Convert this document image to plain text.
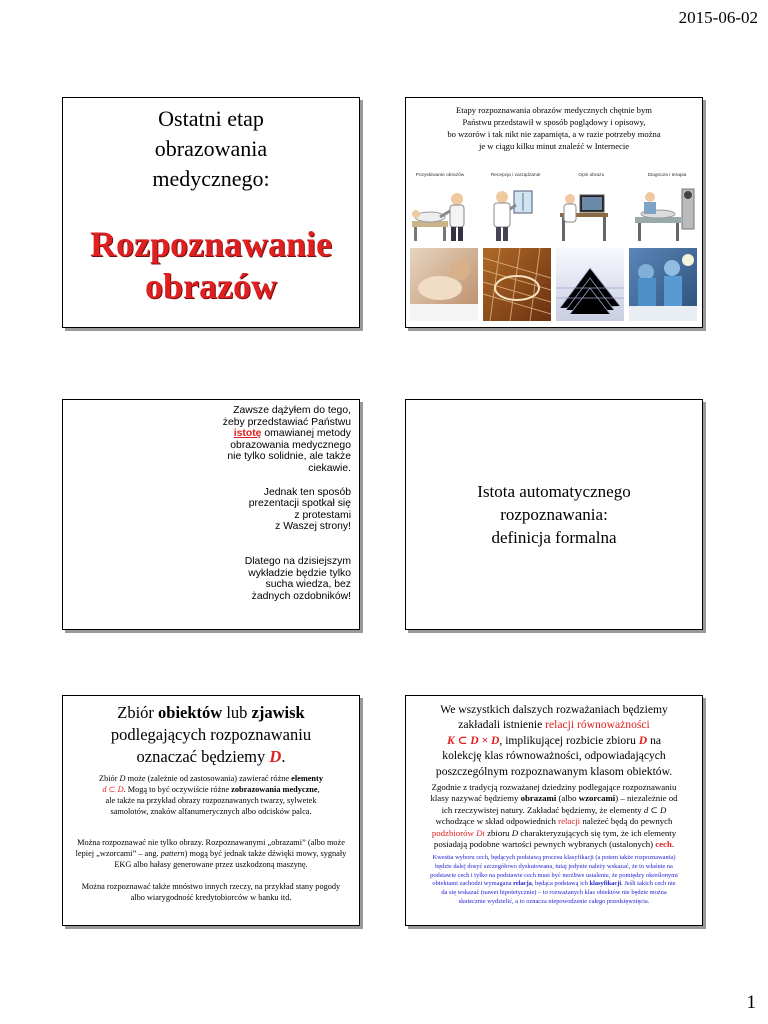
2015-06-02
Ostatni etap
obrazowania
medycznego:
Rozpoznawanie
obrazów
Etapy rozpoznawania obrazów medycznych chętnie bym
Państwu przedstawił w sposób poglądowy i opisowy,
bo wzorów i tak nikt nie zapamięta, a w razie potrzeby można
je w ciągu kilku minut znaleźć w Internecie
Pozyskiwanie obrazów	Recepcja i zarządzanie	Opis obrazu	Diagnoza i terapia

Zawsze dążyłem do tego,
żeby przedstawiać Państwu
istotę omawianej metody
obrazowania medycznego
nie tylko solidnie, ale także
ciekawie.

Jednak ten sposób
prezentacji spotkał się
z protestami
z Waszej strony!

Dlatego na dzisiejszym
wykładzie będzie tylko
sucha wiedza, bez
żadnych ozdobników!

Istota automatycznego
rozpoznawania:
definicja formalna
Zbiór obiektów lub zjawisk
podlegających rozpoznawaniu
oznaczać będziemy D.
Zbiór D może (zależnie od zastosowania) zawierać różne elementy
d ⊂ D. Mogą to być oczywiście różne zobrazowania medyczne,
ale także na przykład obrazy rozpoznawanych twarzy, sylwetek
samolotów, znaków alfanumerycznych albo odcisków palca.
Można rozpoznawać nie tylko obrazy. Rozpoznawanymi „obrazami” (albo może
lepiej „wzorcami” – ang. pattern) mogą być jednak także dźwięki mowy, sygnały
EKG albo hałasy generowane przez uszkodzoną maszynę.
Można rozpoznawać także mnóstwo innych rzeczy, na przykład stany pogody
albo wiarygodność kredytobiorców w banku itd.
We wszystkich dalszych rozważaniach będziemy
zakładali istnienie relacji równoważności
K ⊂ D × D, implikującej rozbicie zbioru D na
kolekcję klas równoważności, odpowiadających
poszczególnym rozpoznawanym klasom obiektów.
Zgodnie z tradycją rozważanej dziedziny podlegające rozpoznawaniu
klasy nazywać będziemy obrazami (albo wzorcami) – niezależnie od
ich rzeczywistej natury. Zakładać będziemy, że elementy d ⊂ D
wchodzące w skład odpowiednich relacji należeć będą do pewnych
podzbiorów Di zbioru D charakteryzujących się tym, że ich elementy
posiadają podobne wartości pewnych wybranych (ustalonych) cech.
Kwestia wyboru cech, będących podstawą procesu klasyfikacji (a potem także rozpoznawania)
będzie dalej dosyć szczegółowo dyskutowana, tutaj jedynie należy wskazać, że to właśnie na
podstawie cech i tylko na podstawie cech musi być możliwe ustalenie, że pomiędzy określonymi
obiektami zachodzi wymagana relacja, będąca podstawą ich klasyfikacji. Jeśli takich cech nie
da się wskazać (nawet hipotetycznie) – to rozważanych klas obiektów nie będzie można
skutecznie wydzielić, a to oznacza niepowodzenie całego przedsięwzięcia.
1
